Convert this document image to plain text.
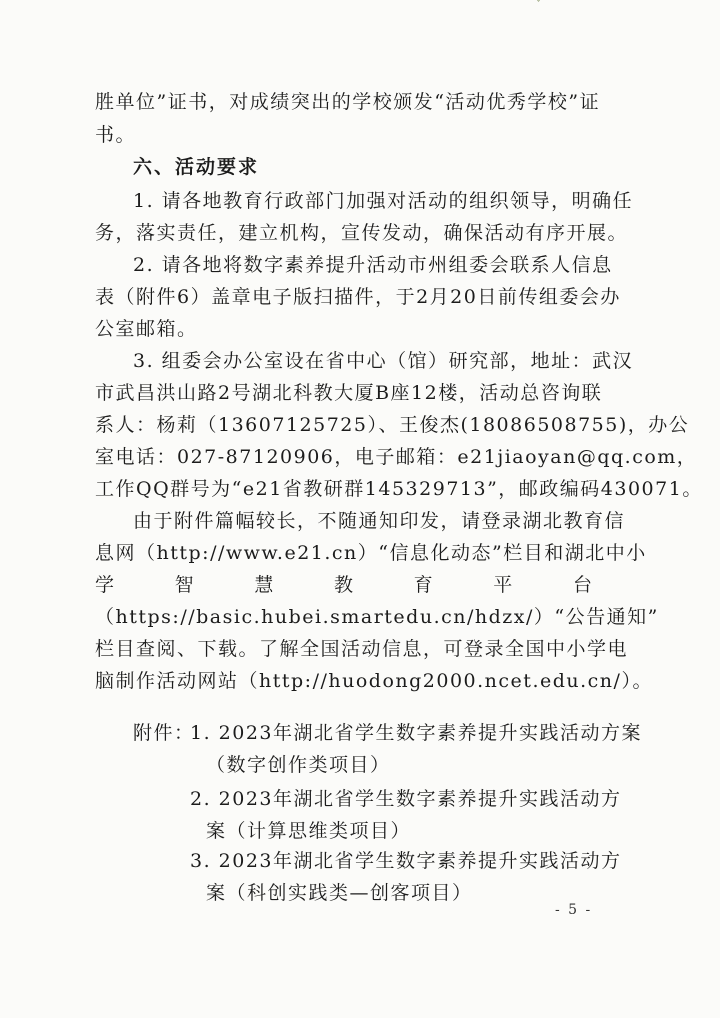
ˇ
胜单位”证书，对成绩突出的学校颁发“活动优秀学校”证
书。
六、活动要求
1. 请各地教育行政部门加强对活动的组织领导，明确任
务，落实责任，建立机构，宣传发动，确保活动有序开展。
2. 请各地将数字素养提升活动市州组委会联系人信息
表（附件6）盖章电子版扫描件，于2月20日前传组委会办
公室邮箱。
3. 组委会办公室设在省中心（馆）研究部，地址：武汉
市武昌洪山路2号湖北科教大厦B座12楼，活动总咨询联
系人：杨莉（13607125725）、王俊杰(18086508755)，办公
室电话：027-87120906，电子邮箱：e21jiaoyan@qq.com，
工作QQ群号为“e21省教研群145329713”，邮政编码430071。
由于附件篇幅较长，不随通知印发，请登录湖北教育信
息网（http://www.e21.cn）“信息化动态”栏目和湖北中小
学	智	慧	教	育	平	台
（https://basic.hubei.smartedu.cn/hdzx/）“公告通知”
栏目查阅、下载。了解全国活动信息，可登录全国中小学电
脑制作活动网站（http://huodong2000.ncet.edu.cn/）。
附件：
1. 2023年湖北省学生数字素养提升实践活动方案
（数字创作类项目）
2. 2023年湖北省学生数字素养提升实践活动方
案（计算思维类项目）
3. 2023年湖北省学生数字素养提升实践活动方
案（科创实践类—创客项目）
- 5 -
